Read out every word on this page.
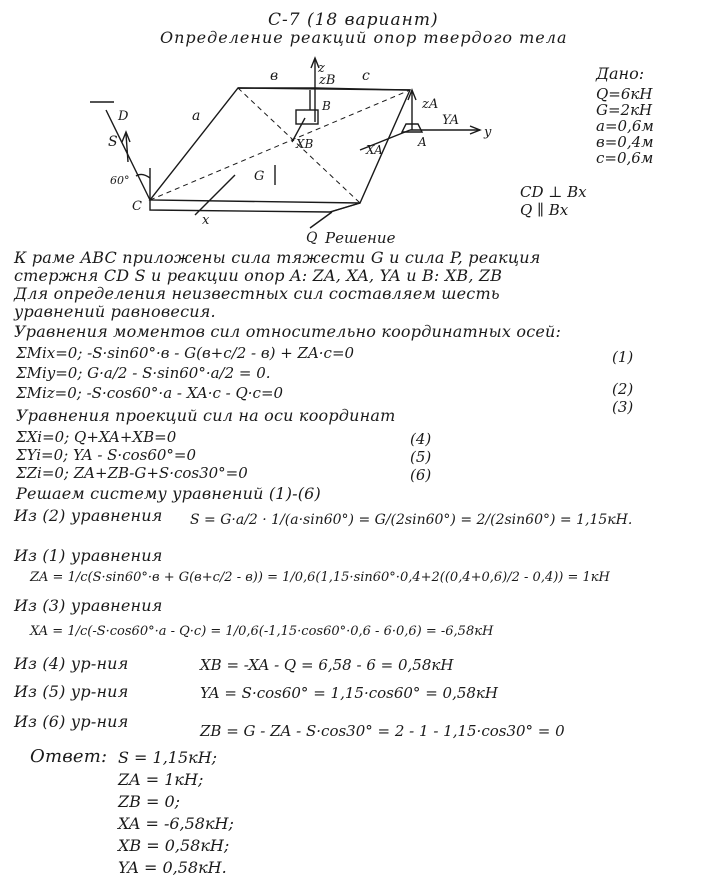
С-7 (18 вариант)
Определение реакций опор твердого тела
в	z
zB c
zA
YA
y
a
B
A
C
D
XB	XA
S
G
x
60°
Q Решение
Дано:
Q=6кН
G=2кН
a=0,6м
в=0,4м
c=0,6м
CD ⊥ Bx
Q ∥ Bx
К раме ABC приложены сила тяжести G и сила P, реакция
стержня CD S и реакции опор A: ZA, XA, YA и B: XB, ZB
Для определения неизвестных сил составляем шесть
уравнений равновесия.
Уравнения моментов сил относительно координатных осей:
ΣMix=0; -S·sin60°·в - G(в+c/2 - в) + ZA·c=0	(1)
ΣMiy=0; G·a/2 - S·sin60°·a/2 = 0.
ΣMiz=0; -S·cos60°·a - XA·c - Q·c=0	(2)
(3)
Уравнения проекций сил на оси координат
ΣXi=0; Q+XA+XB=0	(4)
ΣYi=0; YA - S·cos60°=0	(5)
ΣZi=0; ZA+ZB-G+S·cos30°=0	(6)
Решаем систему уравнений (1)-(6)
Из (2) уравнения S = G·a/2 · 1/(a·sin60°) = G/(2sin60°) = 2/(2sin60°) = 1,15кН.
Из (1) уравнения
ZA = 1/c(S·sin60°·в + G(в+c/2 - в)) = 1/0,6(1,15·sin60°·0,4+2((0,4+0,6)/2 - 0,4)) = 1кН
Из (3) уравнения
XA = 1/c(-S·cos60°·a - Q·c) = 1/0,6(-1,15·cos60°·0,6 - 6·0,6) = -6,58кН
Из (4) ур-ния	XB = -XA - Q = 6,58 - 6 = 0,58кН
Из (5) ур-ния	YA = S·cos60° = 1,15·cos60° = 0,58кН
Из (6) ур-ния	ZB = G - ZA - S·cos30° = 2 - 1 - 1,15·cos30° = 0
Ответ: S = 1,15кН;
ZA = 1кН;
ZB = 0;
XA = -6,58кН;
XB = 0,58кН;
YA = 0,58кН.
